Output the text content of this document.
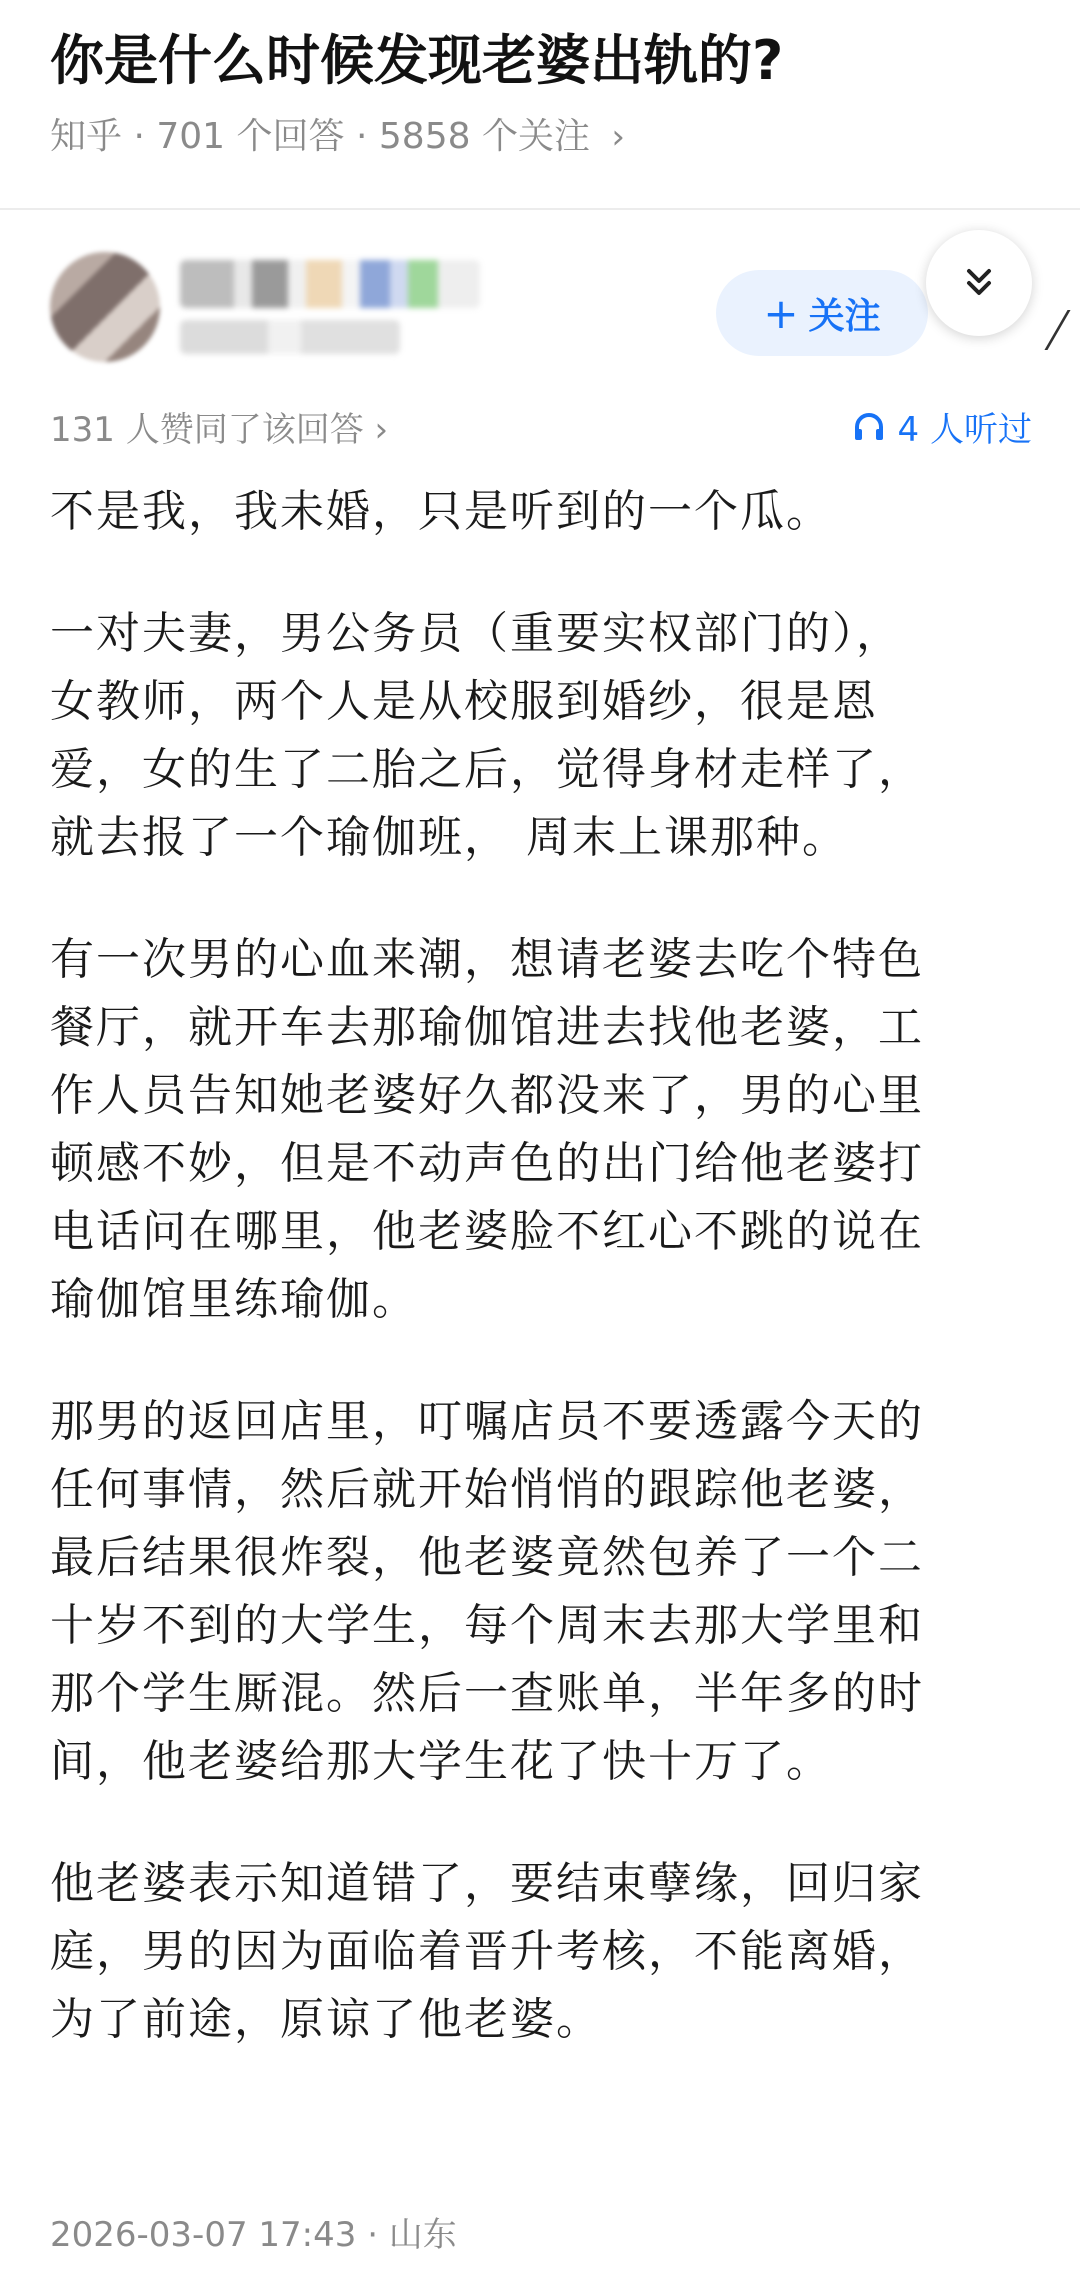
你是什么时候发现老婆出轨的?
知乎 · 701 个回答 · 5858 个关注 ›
+ 关注
131 人赞同了该回答 ›	4 人听过
不是我，我未婚，只是听到的一个瓜。
一对夫妻，男公务员（重要实权部门的），
女教师，两个人是从校服到婚纱，很是恩
爱，女的生了二胎之后，觉得身材走样了，
就去报了一个瑜伽班， 周末上课那种。
有一次男的心血来潮，想请老婆去吃个特色
餐厅，就开车去那瑜伽馆进去找他老婆，工
作人员告知她老婆好久都没来了，男的心里
顿感不妙，但是不动声色的出门给他老婆打
电话问在哪里，他老婆脸不红心不跳的说在
瑜伽馆里练瑜伽。
那男的返回店里，叮嘱店员不要透露今天的
任何事情，然后就开始悄悄的跟踪他老婆，
最后结果很炸裂，他老婆竟然包养了一个二
十岁不到的大学生，每个周末去那大学里和
那个学生厮混。然后一查账单，半年多的时
间，他老婆给那大学生花了快十万了。
他老婆表示知道错了，要结束孽缘，回归家
庭，男的因为面临着晋升考核，不能离婚，
为了前途，原谅了他老婆。
2026-03-07 17:43 · 山东
